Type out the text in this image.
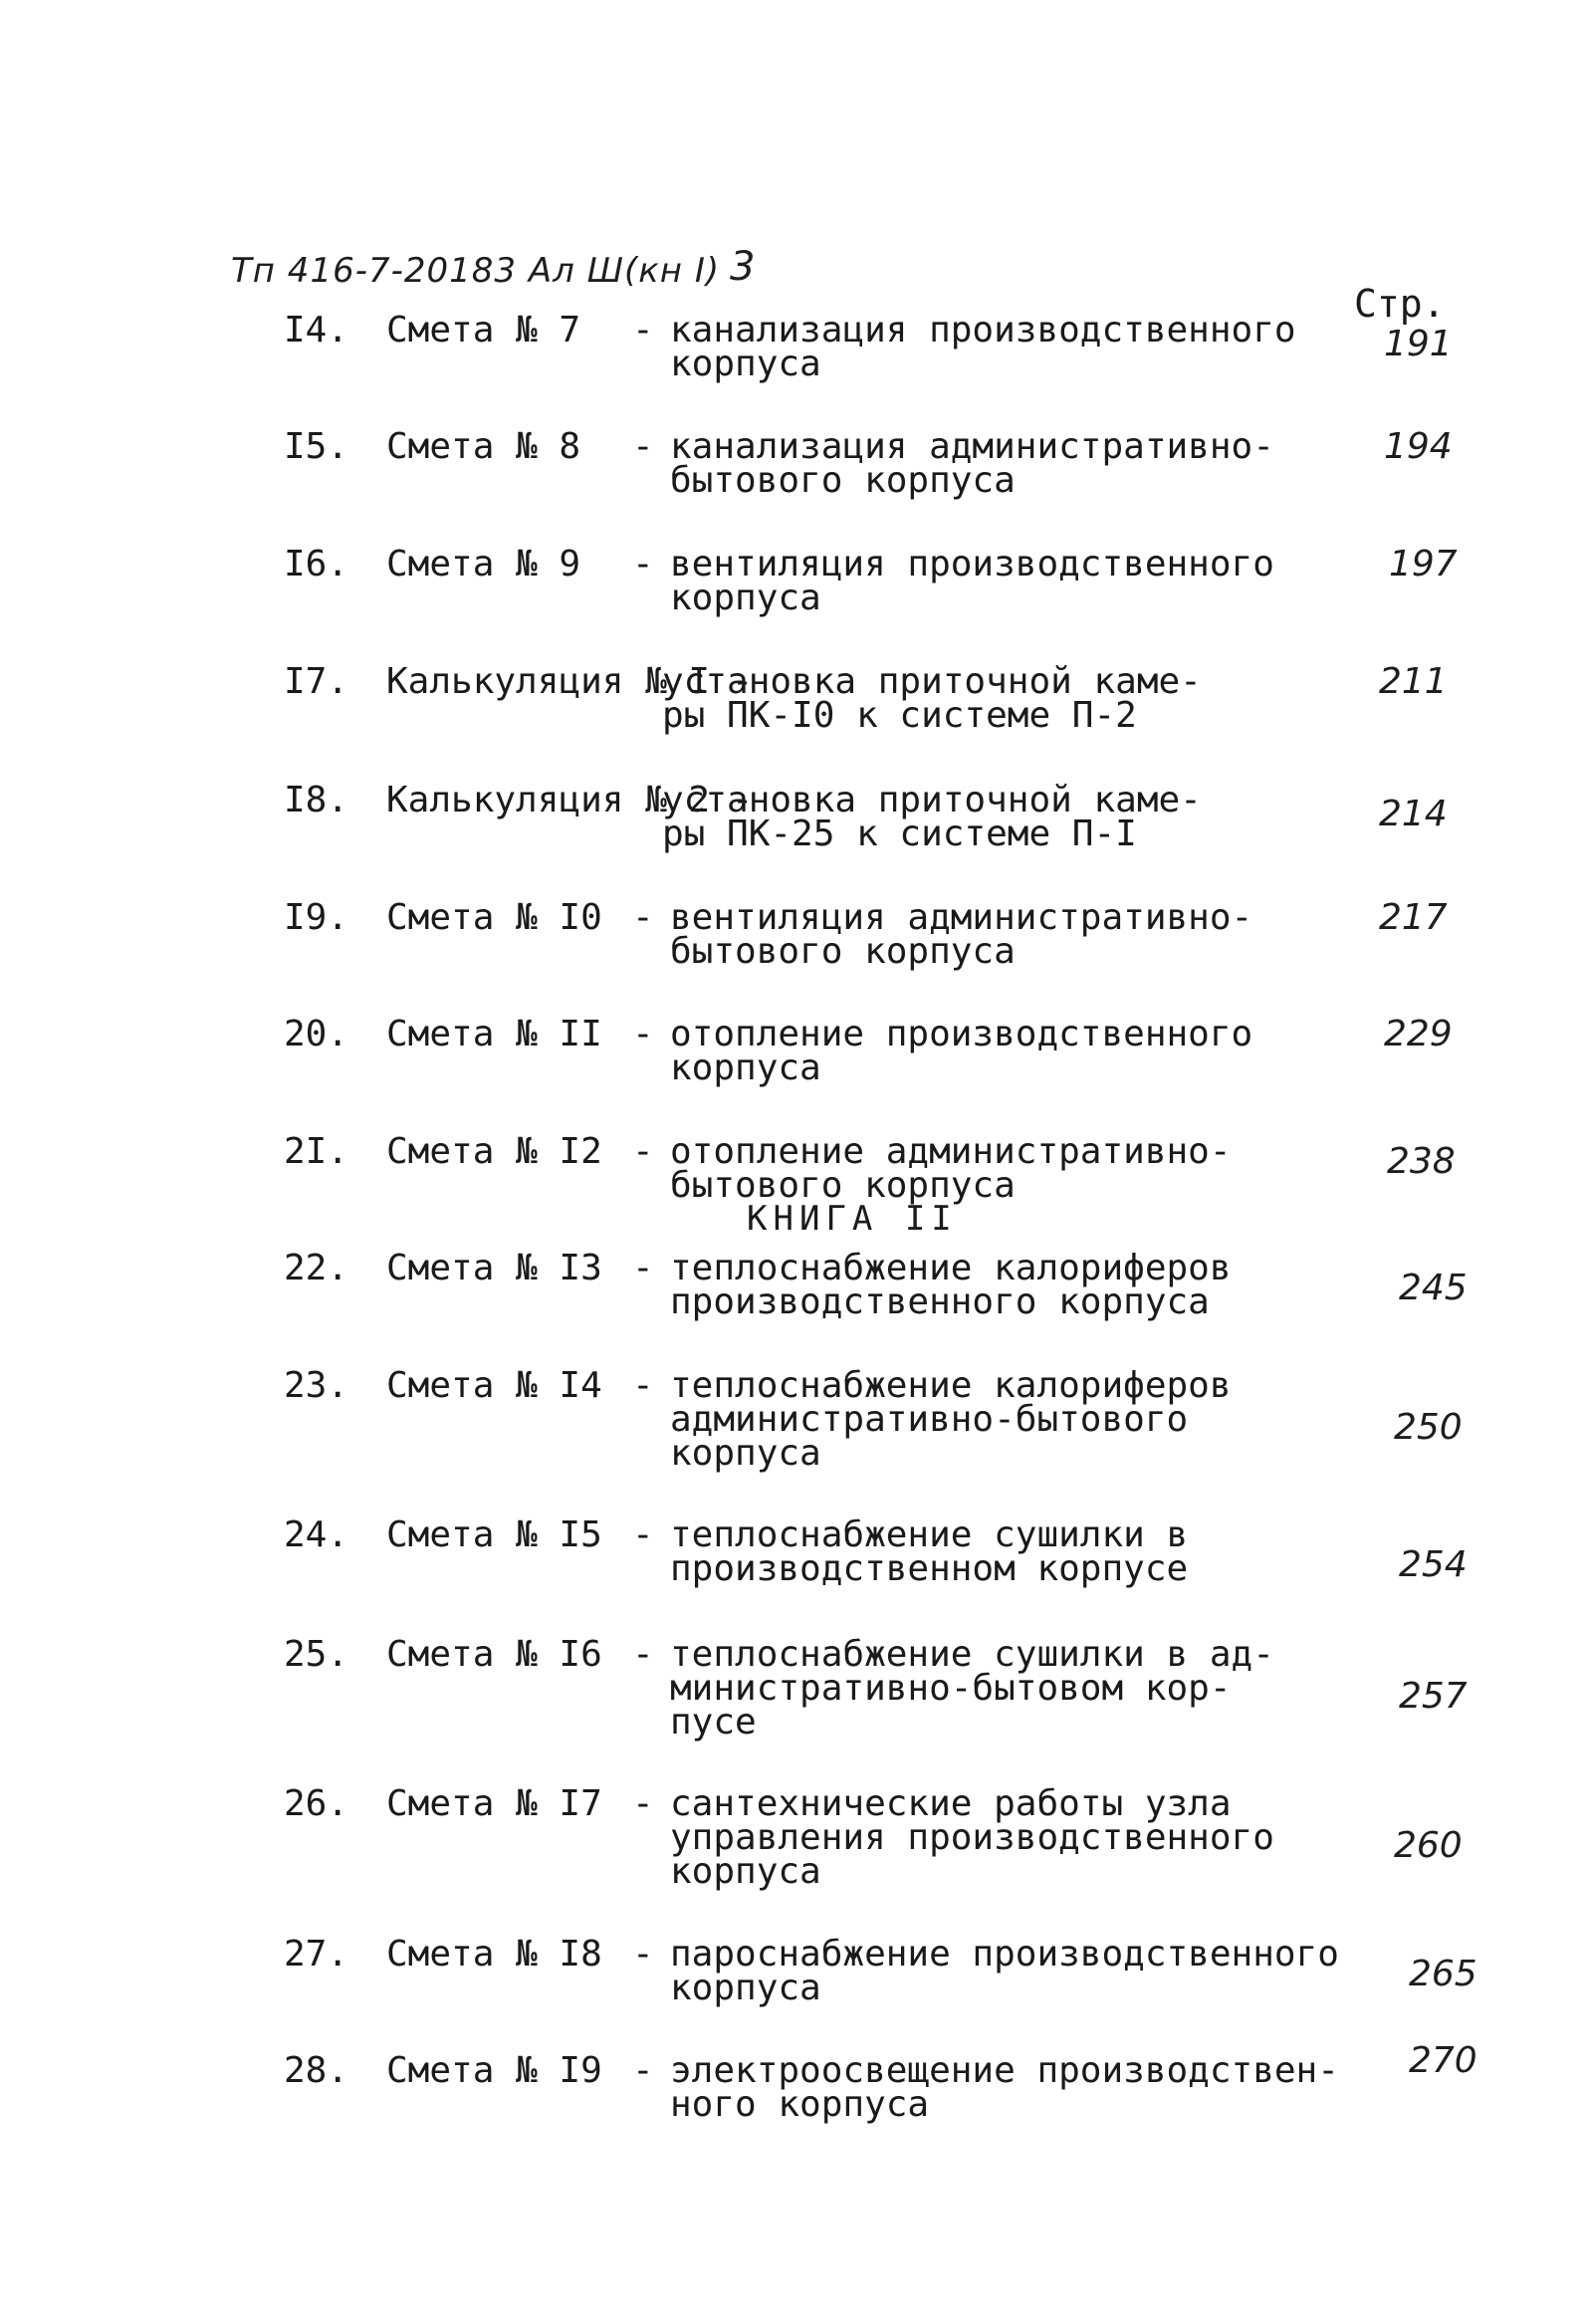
Тп 416-7-20183 Ал Ш(кн I) 3
Стр.
КНИГА II
I4. Смета № 7 - канализация производственного
корпуса	191
I5. Смета № 8 - канализация административно-
бытового корпуса
194
I6. Смета № 9 - вентиляция производственного
корпуса
197
I7. Калькуляция № I -
установка приточной каме-
ры ПК-I0 к системе П-2
211
I8. Калькуляция № 2 -
установка приточной каме-
ры ПК-25 к системе П-I	214
I9. Смета № I0 - вентиляция административно-
бытового корпуса
217
20. Смета № II - отопление производственного
корпуса
229
2I. Смета № I2 - отопление административно-
бытового корпуса
238
22. Смета № I3 - теплоснабжение калориферов
производственного корпуса	245
23. Смета № I4 - теплоснабжение калориферов
административно-бытового
корпуса
250
24. Смета № I5 - теплоснабжение сушилки в
производственном корпусе	254
25. Смета № I6 - теплоснабжение сушилки в ад-
министративно-бытовом кор-
пусе
257
26. Смета № I7 - сантехнические работы узла
управления производственного
корпуса
260
27. Смета № I8 - пароснабжение производственного
корпуса	265
28. Смета № I9 - электроосвещение производствен-
ного корпуса
270
